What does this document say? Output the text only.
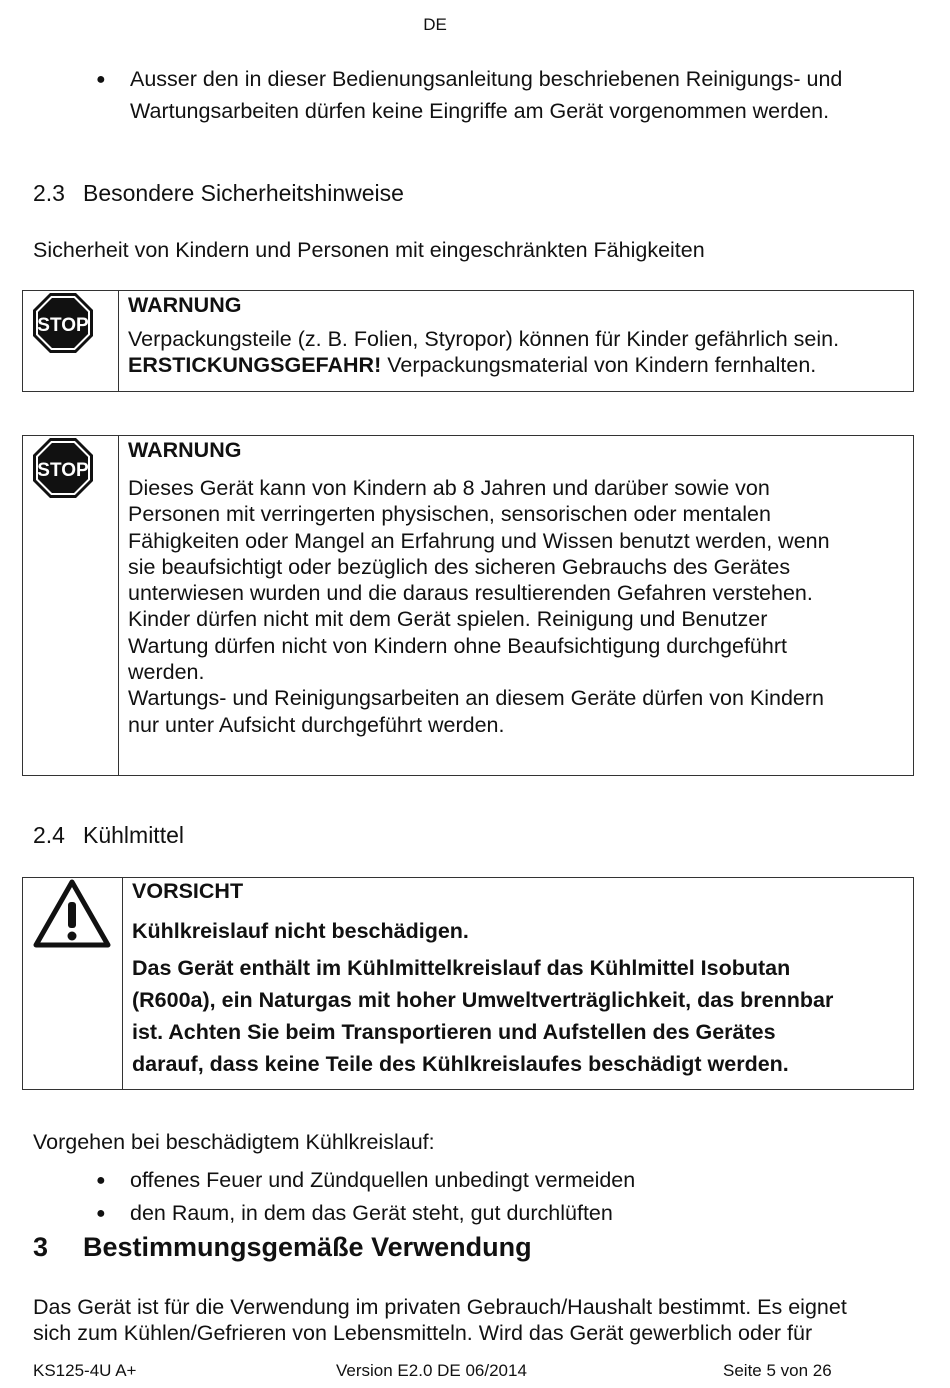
DE
● Ausser den in dieser Bedienungsanleitung beschriebenen Reinigungs- und
Wartungsarbeiten dürfen keine Eingriffe am Gerät vorgenommen werden.
2.3 Besondere Sicherheitshinweise
Sicherheit von Kindern und Personen mit eingeschränkten Fähigkeiten
STOP
WARNUNG
Verpackungsteile (z. B. Folien, Styropor) können für Kinder gefährlich sein.
ERSTICKUNGSGEFAHR! Verpackungsmaterial von Kindern fernhalten.
STOP
WARNUNG
Dieses Gerät kann von Kindern ab 8 Jahren und darüber sowie von
Personen mit verringerten physischen, sensorischen oder mentalen
Fähigkeiten oder Mangel an Erfahrung und Wissen benutzt werden, wenn
sie beaufsichtigt oder bezüglich des sicheren Gebrauchs des Gerätes
unterwiesen wurden und die daraus resultierenden Gefahren verstehen.
Kinder dürfen nicht mit dem Gerät spielen. Reinigung und Benutzer
Wartung dürfen nicht von Kindern ohne Beaufsichtigung durchgeführt
werden.
Wartungs- und Reinigungsarbeiten an diesem Geräte dürfen von Kindern
nur unter Aufsicht durchgeführt werden.
2.4 Kühlmittel
VORSICHT
Kühlkreislauf nicht beschädigen.
Das Gerät enthält im Kühlmittelkreislauf das Kühlmittel Isobutan
(R600a), ein Naturgas mit hoher Umweltverträglichkeit, das brennbar
ist. Achten Sie beim Transportieren und Aufstellen des Gerätes
darauf, dass keine Teile des Kühlkreislaufes beschädigt werden.
Vorgehen bei beschädigtem Kühlkreislauf:
● offenes Feuer und Zündquellen unbedingt vermeiden
● den Raum, in dem das Gerät steht, gut durchlüften
3 Bestimmungsgemäße Verwendung
Das Gerät ist für die Verwendung im privaten Gebrauch/Haushalt bestimmt. Es eignet
sich zum Kühlen/Gefrieren von Lebensmitteln. Wird das Gerät gewerblich oder für
KS125-4U A+	Version E2.0 DE 06/2014	Seite 5 von 26
